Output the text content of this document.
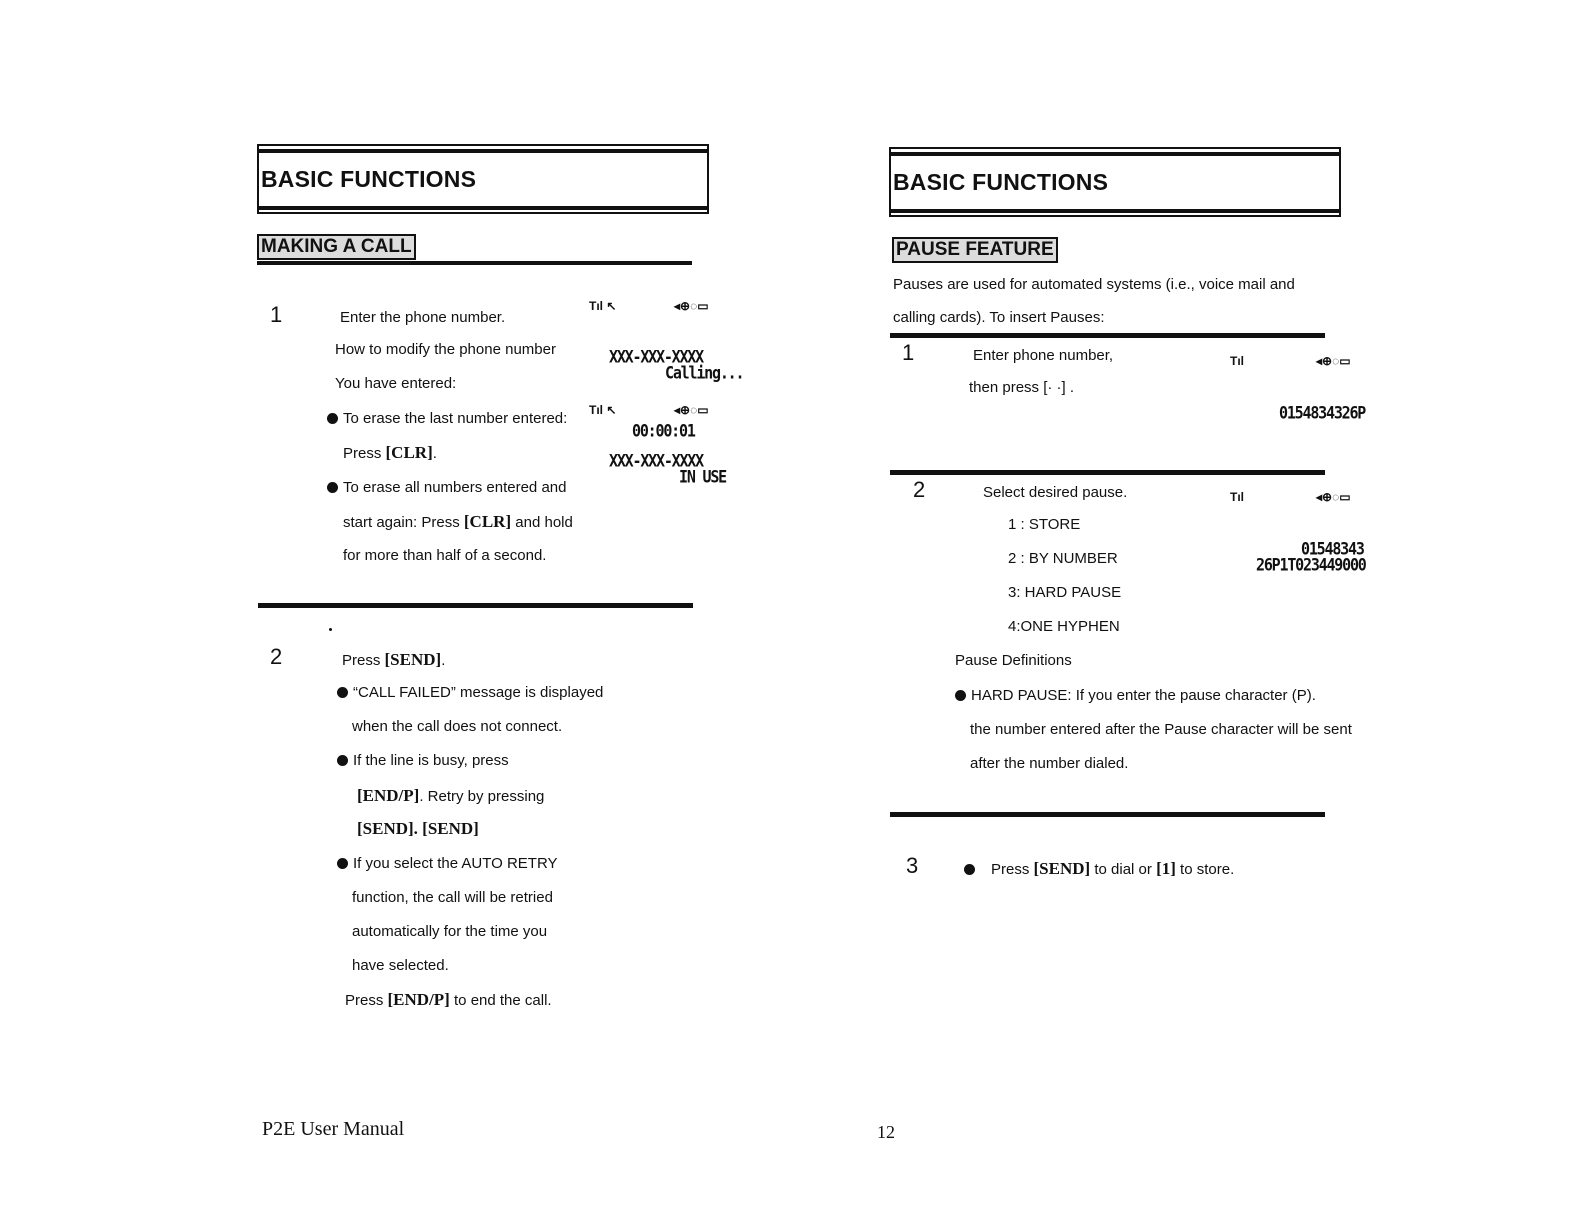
BASIC FUNCTIONS
MAKING A CALL
1	Enter the phone number.
How to modify the phone number
You have entered:
To erase the last number entered:
Press [CLR].
To erase all numbers entered and
start again: Press [CLR] and hold
for more than half of a second.
Tıl ↖	◂⊕◌▭
XXX-XXX-XXXX
Calling...
Tıl ↖	◂⊕◌▭
00:00:01
XXX-XXX-XXXX
IN USE
2	Press [SEND].
“CALL FAILED” message is displayed
when the call does not connect.
If the line is busy, press
[END/P]. Retry by pressing
[SEND]. [SEND]
If you select the AUTO RETRY
function, the call will be retried
automatically for the time you
have selected.
Press [END/P] to end the call.
BASIC FUNCTIONS
PAUSE FEATURE
Pauses are used for automated systems (i.e., voice mail and
calling cards). To insert Pauses:
1	Enter phone number,
then press [· ·] .
Tıl	◂⊕◌▭
0154834326P
2	Select desired pause.
1 : STORE
2 : BY NUMBER
3: HARD PAUSE
4:ONE HYPHEN
Tıl	◂⊕◌▭
01548343
26P1T023449000
Pause Definitions
HARD PAUSE: If you enter the pause character (P).
the number entered after the Pause character will be sent
after the number dialed.
3	Press [SEND] to dial or [1] to store.
P2E User Manual	12
